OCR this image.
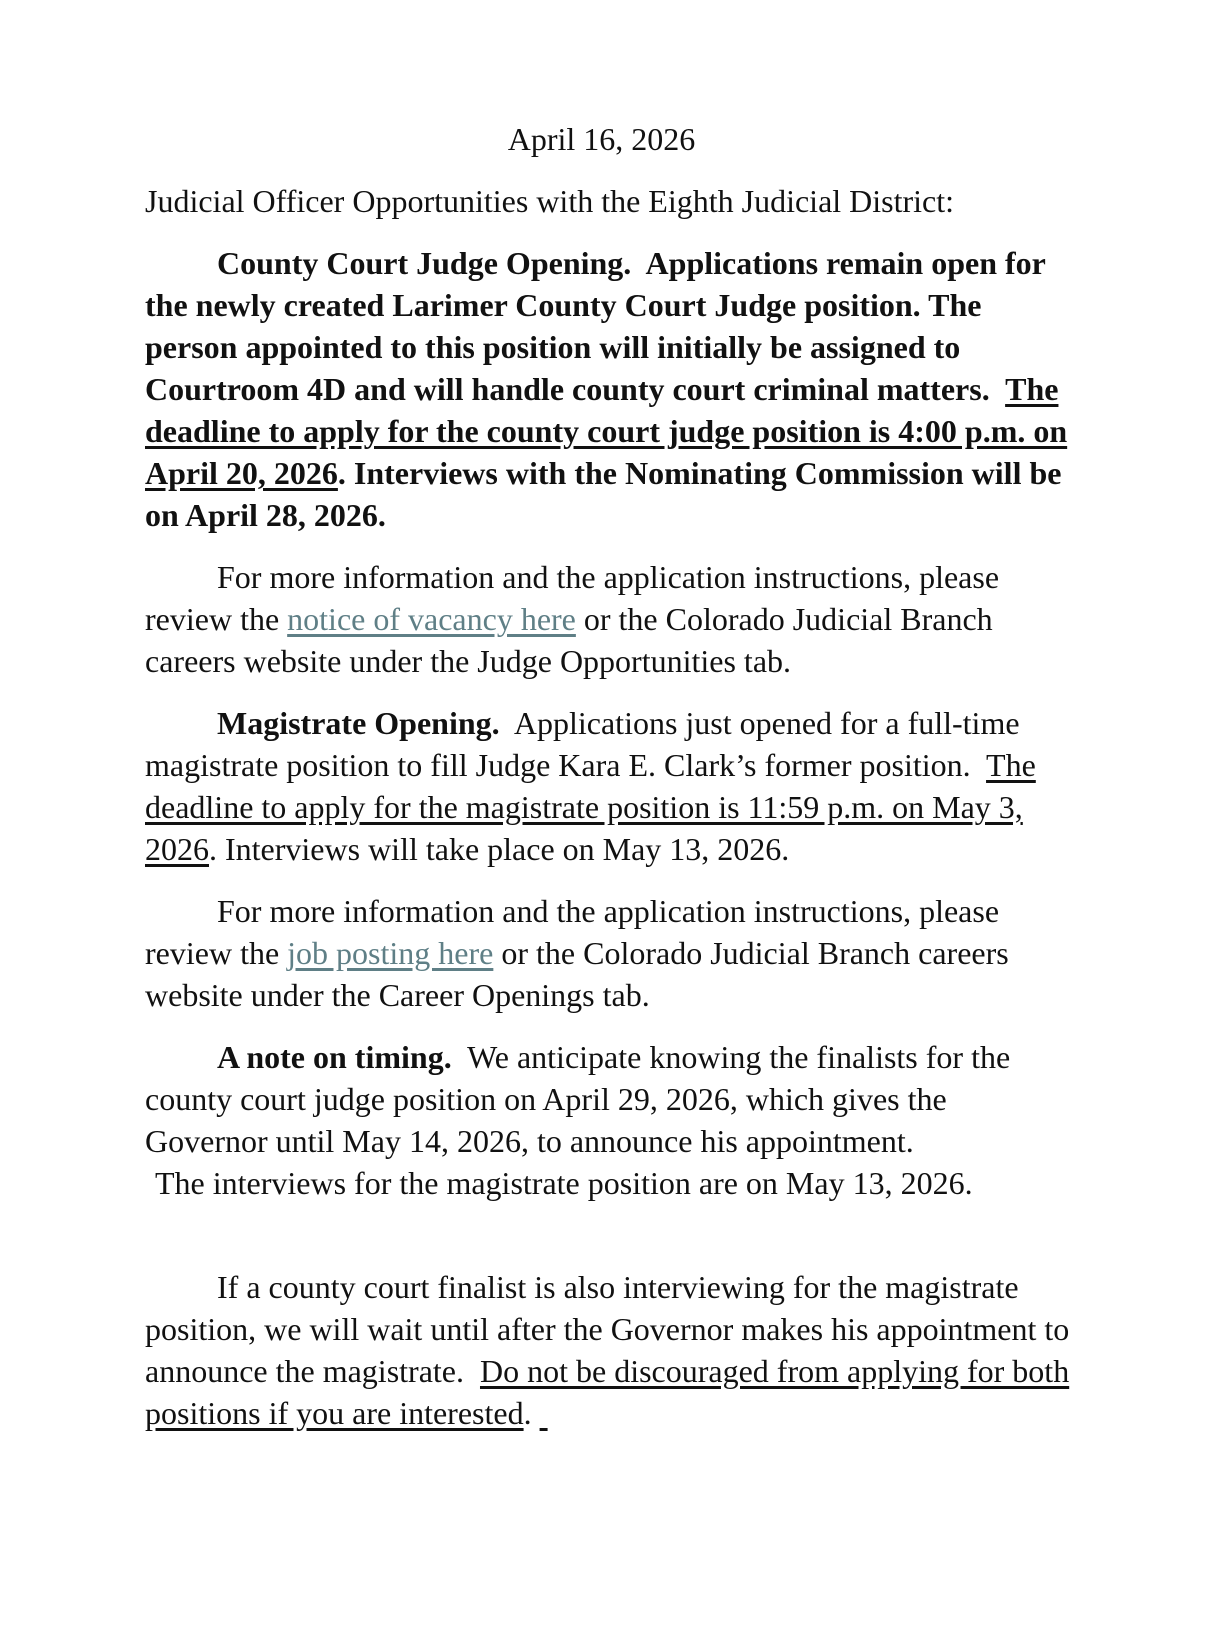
April 16, 2026
Judicial Officer Opportunities with the Eighth Judicial District:

County Court Judge Opening. Applications remain open for the newly created Larimer County Court Judge position. The person appointed to this position will initially be assigned to Courtroom 4D and will handle county court criminal matters. The deadline to apply for the county court judge position is 4:00 p.m. on April 20, 2026. Interviews with the Nominating Commission will be on April 28, 2026.

For more information and the application instructions, please review the notice of vacancy here or the Colorado Judicial Branch careers website under the Judge Opportunities tab.

Magistrate Opening. Applications just opened for a full-time magistrate position to fill Judge Kara E. Clark’s former position. The deadline to apply for the magistrate position is 11:59 p.m. on May 3, 2026. Interviews will take place on May 13, 2026.

For more information and the application instructions, please review the job posting here or the Colorado Judicial Branch careers website under the Career Openings tab.

A note on timing. We anticipate knowing the finalists for the county court judge position on April 29, 2026, which gives the Governor until May 14, 2026, to announce his appointment.
The interviews for the magistrate position are on May 13, 2026.

If a county court finalist is also interviewing for the magistrate position, we will wait until after the Governor makes his appointment to announce the magistrate. Do not be discouraged from applying for both positions if you are interested.
